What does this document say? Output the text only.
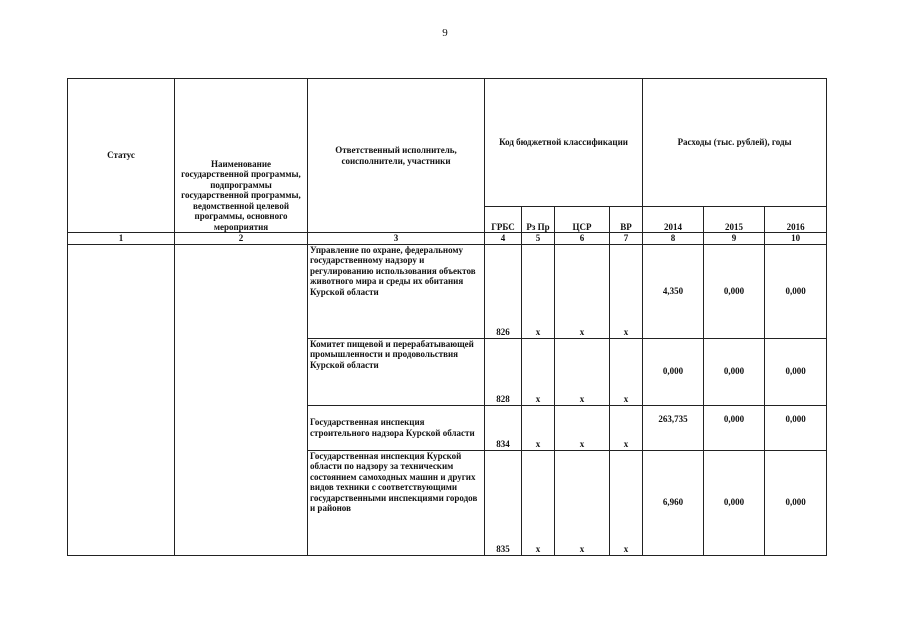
9
Статус	Наименование государственной программы, подпрограммы государственной программы, ведомственной целевой программы, основного мероприятия	Ответственный исполнитель, соисполнители, участники	Код бюджетной классификации				Расходы (тыс. рублей), годы		
			ГРБС	Рз Пр	ЦСР	ВР	2014	2015	2016
1	2	3	4	5	6	7	8	9	10
		Управление по охране, федеральному государственному надзору и регулированию использования объектов животного мира и среды их обитания Курской области	826	х	х	х	4,350	0,000	0,000
		Комитет пищевой и перерабатывающей промышленности и продовольствия Курской области	828	х	х	х	0,000	0,000	0,000
		Государственная инспекция строительного надзора Курской области	834	х	х	х	263,735	0,000	0,000
		Государственная инспекция Курской области по надзору за техническим состоянием самоходных машин и других видов техники с соответствующими государственными инспекциями городов и районов	835	х	х	х	6,960	0,000	0,000
